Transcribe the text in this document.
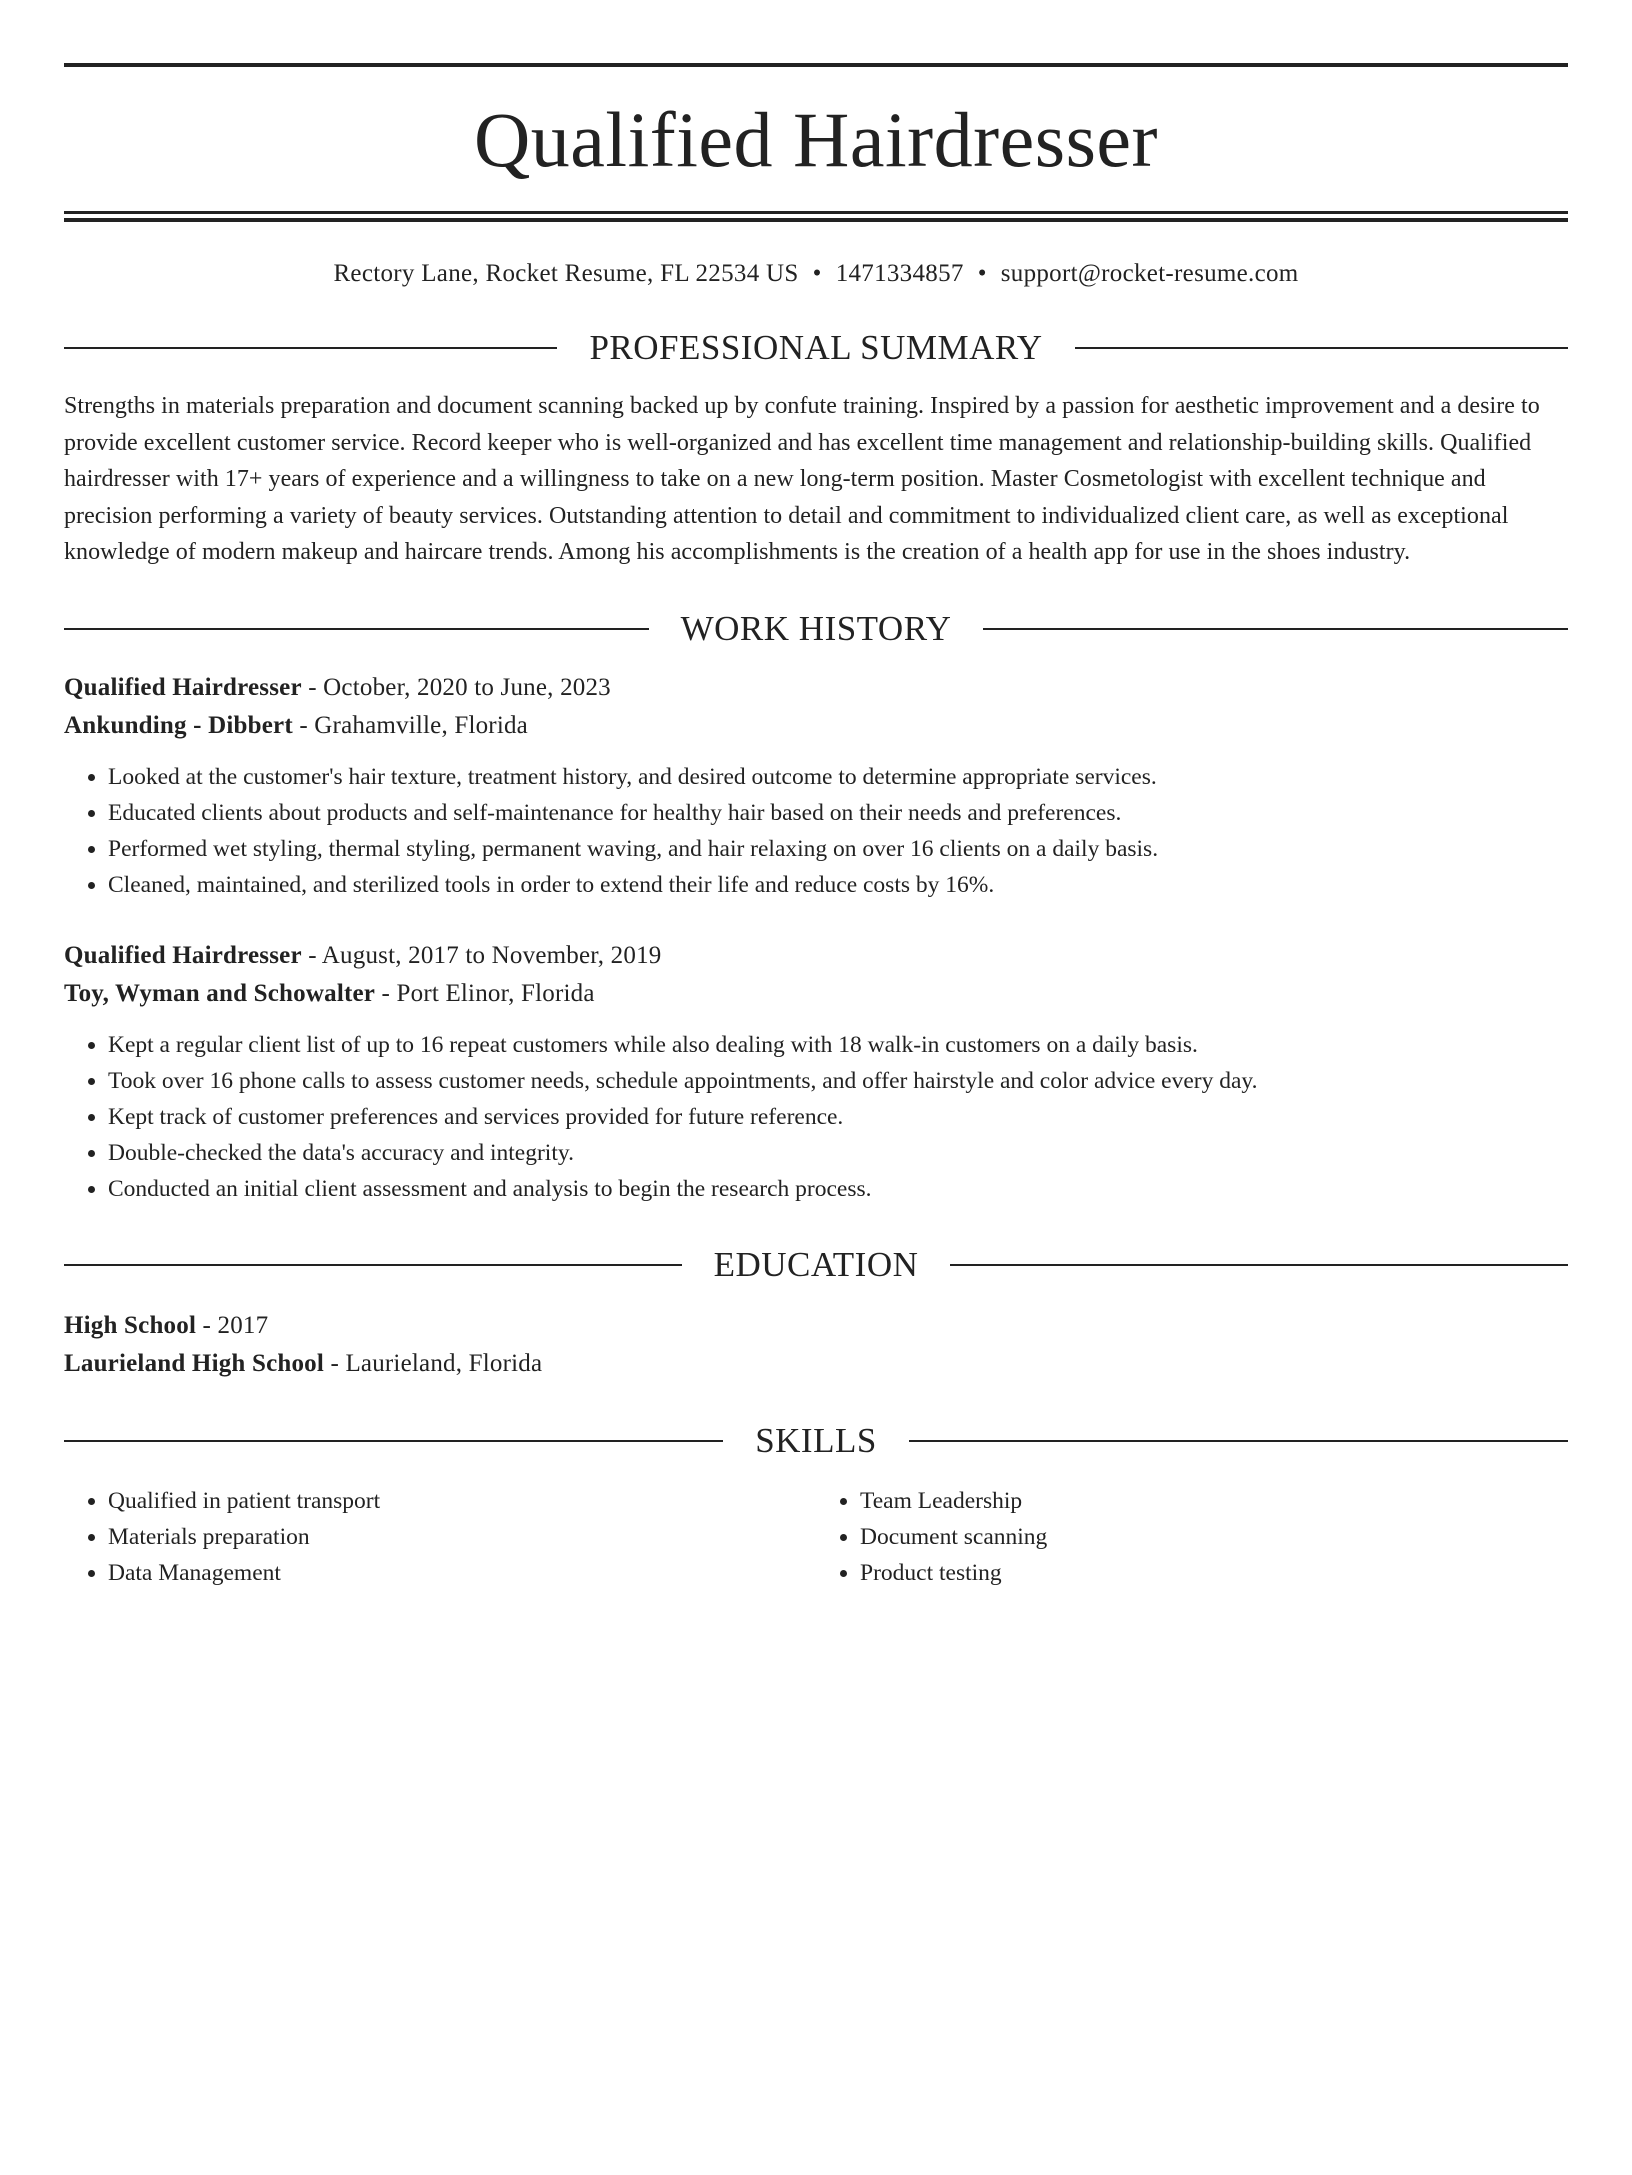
Qualified Hairdresser
Rectory Lane, Rocket Resume, FL 22534 US • 1471334857 • support@rocket-resume.com
PROFESSIONAL SUMMARY
Strengths in materials preparation and document scanning backed up by confute training. Inspired by a passion for aesthetic improvement and a desire to provide excellent customer service. Record keeper who is well-organized and has excellent time management and relationship-building skills. Qualified hairdresser with 17+ years of experience and a willingness to take on a new long-term position. Master Cosmetologist with excellent technique and precision performing a variety of beauty services. Outstanding attention to detail and commitment to individualized client care, as well as exceptional knowledge of modern makeup and haircare trends. Among his accomplishments is the creation of a health app for use in the shoes industry.
WORK HISTORY
Qualified Hairdresser - October, 2020 to June, 2023
Ankunding - Dibbert - Grahamville, Florida
• Looked at the customer's hair texture, treatment history, and desired outcome to determine appropriate services.
• Educated clients about products and self-maintenance for healthy hair based on their needs and preferences.
• Performed wet styling, thermal styling, permanent waving, and hair relaxing on over 16 clients on a daily basis.
• Cleaned, maintained, and sterilized tools in order to extend their life and reduce costs by 16%.
Qualified Hairdresser - August, 2017 to November, 2019
Toy, Wyman and Schowalter - Port Elinor, Florida
• Kept a regular client list of up to 16 repeat customers while also dealing with 18 walk-in customers on a daily basis.
• Took over 16 phone calls to assess customer needs, schedule appointments, and offer hairstyle and color advice every day.
• Kept track of customer preferences and services provided for future reference.
• Double-checked the data's accuracy and integrity.
• Conducted an initial client assessment and analysis to begin the research process.
EDUCATION
High School - 2017
Laurieland High School - Laurieland, Florida
SKILLS
• Qualified in patient transport
• Materials preparation
• Data Management
• Team Leadership
• Document scanning
• Product testing
